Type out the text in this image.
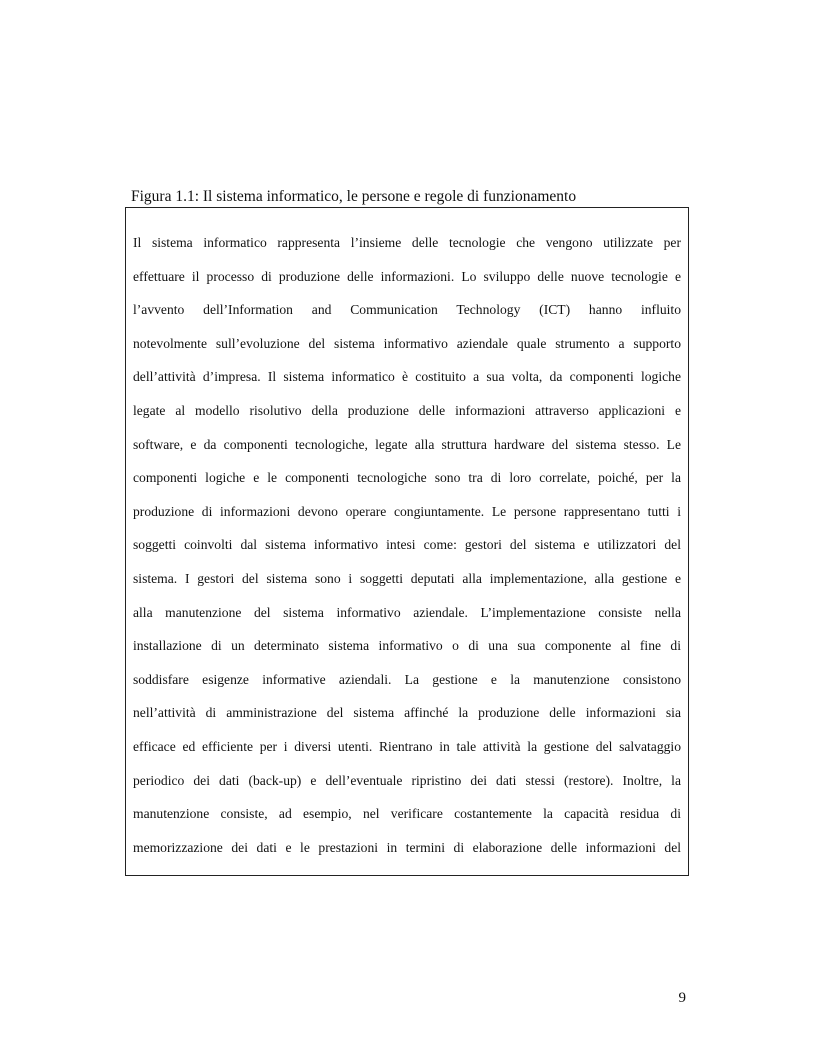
Figura 1.1: Il sistema informatico, le persone e regole di funzionamento
Il sistema informatico rappresenta l’insieme delle tecnologie che vengono utilizzate per
effettuare il processo di produzione delle informazioni. Lo sviluppo delle nuove tecnologie e
l’avvento dell’Information and Communication Technology (ICT) hanno influito
notevolmente sull’evoluzione del sistema informativo aziendale quale strumento a supporto
dell’attività d’impresa. Il sistema informatico è costituito a sua volta, da componenti logiche
legate al modello risolutivo della produzione delle informazioni attraverso applicazioni e
software, e da componenti tecnologiche, legate alla struttura hardware del sistema stesso. Le
componenti logiche e le componenti tecnologiche sono tra di loro correlate, poiché, per la
produzione di informazioni devono operare congiuntamente. Le persone rappresentano tutti i
soggetti coinvolti dal sistema informativo intesi come: gestori del sistema e utilizzatori del
sistema. I gestori del sistema sono i soggetti deputati alla implementazione, alla gestione e
alla manutenzione del sistema informativo aziendale. L’implementazione consiste nella
installazione di un determinato sistema informativo o di una sua componente al fine di
soddisfare esigenze informative aziendali. La gestione e la manutenzione consistono
nell’attività di amministrazione del sistema affinché la produzione delle informazioni sia
efficace ed efficiente per i diversi utenti. Rientrano in tale attività la gestione del salvataggio
periodico dei dati (back-up) e dell’eventuale ripristino dei dati stessi (restore). Inoltre, la
manutenzione consiste, ad esempio, nel verificare costantemente la capacità residua di
memorizzazione dei dati e le prestazioni in termini di elaborazione delle informazioni del
9
